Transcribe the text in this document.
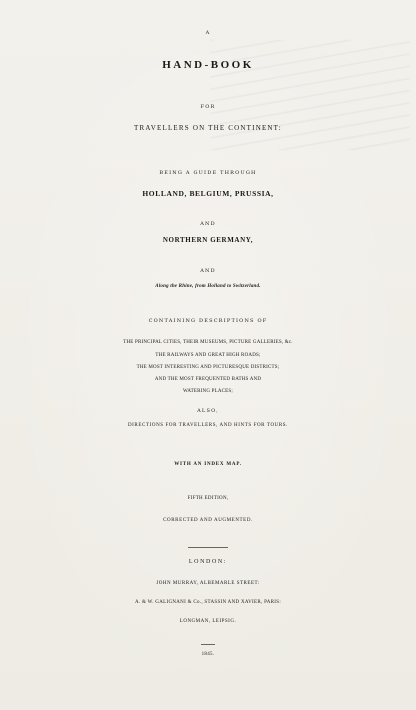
A
HAND-BOOK
FOR
TRAVELLERS ON THE CONTINENT:
BEING A GUIDE THROUGH
HOLLAND, BELGIUM, PRUSSIA,
AND
NORTHERN GERMANY,
AND
Along the Rhine, from Holland to Switzerland.
CONTAINING DESCRIPTIONS OF
THE PRINCIPAL CITIES, THEIR MUSEUMS, PICTURE GALLERIES, &c.
THE RAILWAYS AND GREAT HIGH ROADS;
THE MOST INTERESTING AND PICTURESQUE DISTRICTS;
AND THE MOST FREQUENTED BATHS AND
WATERING PLACES;
ALSO,
DIRECTIONS FOR TRAVELLERS, AND HINTS FOR TOURS.
WITH AN INDEX MAP.
FIFTH EDITION,
CORRECTED AND AUGMENTED.
LONDON:
JOHN MURRAY, ALBEMARLE STREET:
A. & W. GALIGNANI & Co., STASSIN AND XAVIER, PARIS:
LONGMAN, LEIPSIG.
1845.
